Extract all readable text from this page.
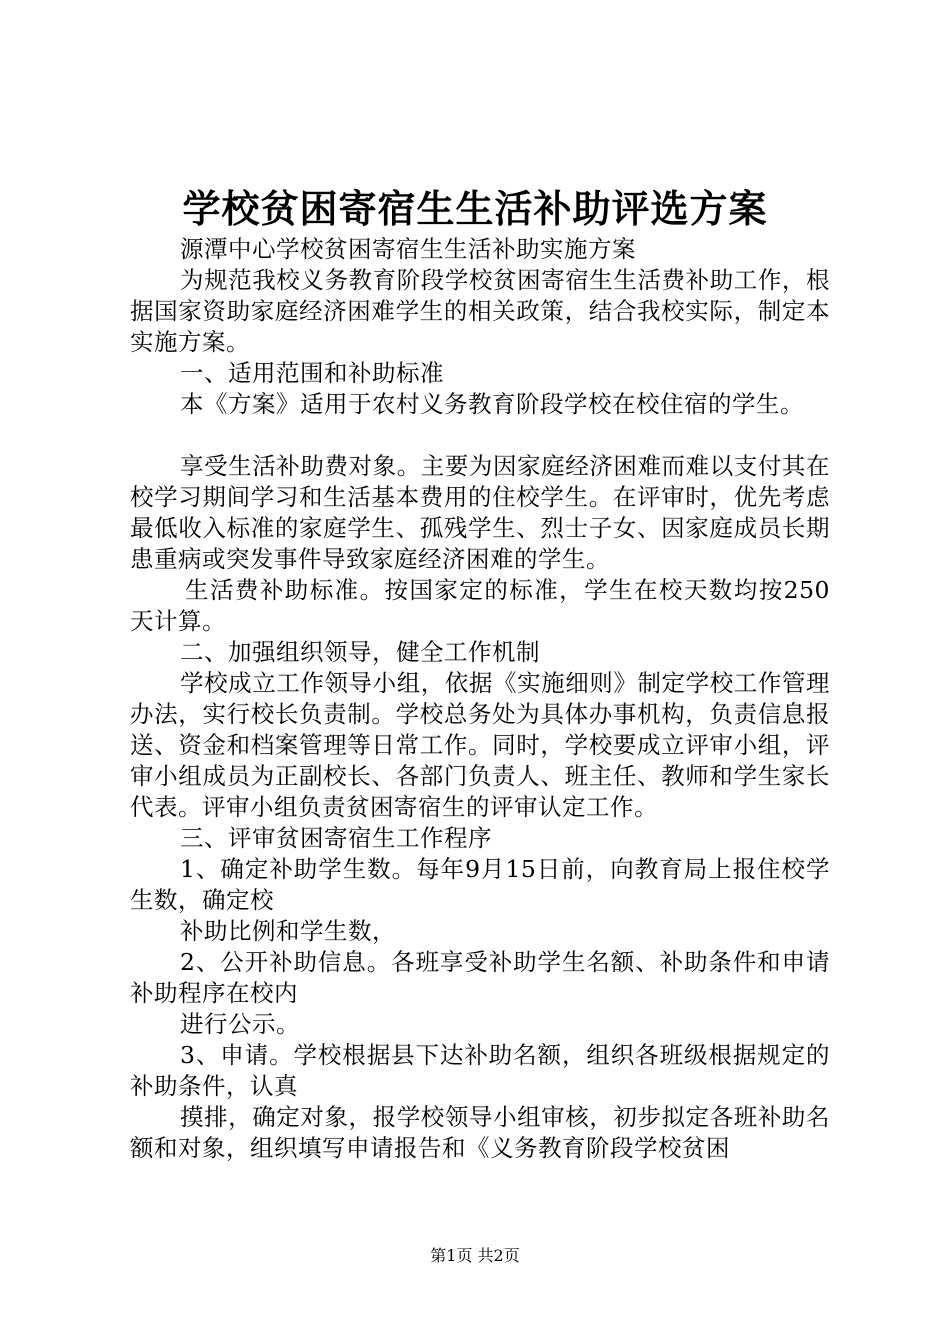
学校贫困寄宿生生活补助评选方案

源潭中心学校贫困寄宿生生活补助实施方案

为规范我校义务教育阶段学校贫困寄宿生生活费补助工作，根据国家资助家庭经济困难学生的相关政策，结合我校实际，制定本实施方案。

一、适用范围和补助标准

本《方案》适用于农村义务教育阶段学校在校住宿的学生。

享受生活补助费对象。主要为因家庭经济困难而难以支付其在校学习期间学习和生活基本费用的住校学生。在评审时，优先考虑最低收入标准的家庭学生、孤残学生、烈士子女、因家庭成员长期患重病或突发事件导致家庭经济困难的学生。

生活费补助标准。按国家定的标准，学生在校天数均按250天计算。

二、加强组织领导，健全工作机制

学校成立工作领导小组，依据《实施细则》制定学校工作管理办法，实行校长负责制。学校总务处为具体办事机构，负责信息报送、资金和档案管理等日常工作。同时，学校要成立评审小组，评审小组成员为正副校长、各部门负责人、班主任、教师和学生家长代表。评审小组负责贫困寄宿生的评审认定工作。

三、评审贫困寄宿生工作程序

1、确定补助学生数。每年9月15日前，向教育局上报住校学生数，确定校

补助比例和学生数，

2、公开补助信息。各班享受补助学生名额、补助条件和申请补助程序在校内

进行公示。

3、申请。学校根据县下达补助名额，组织各班级根据规定的补助条件，认真

摸排，确定对象，报学校领导小组审核，初步拟定各班补助名额和对象，组织填写申请报告和《义务教育阶段学校贫困

第1页 共2页
